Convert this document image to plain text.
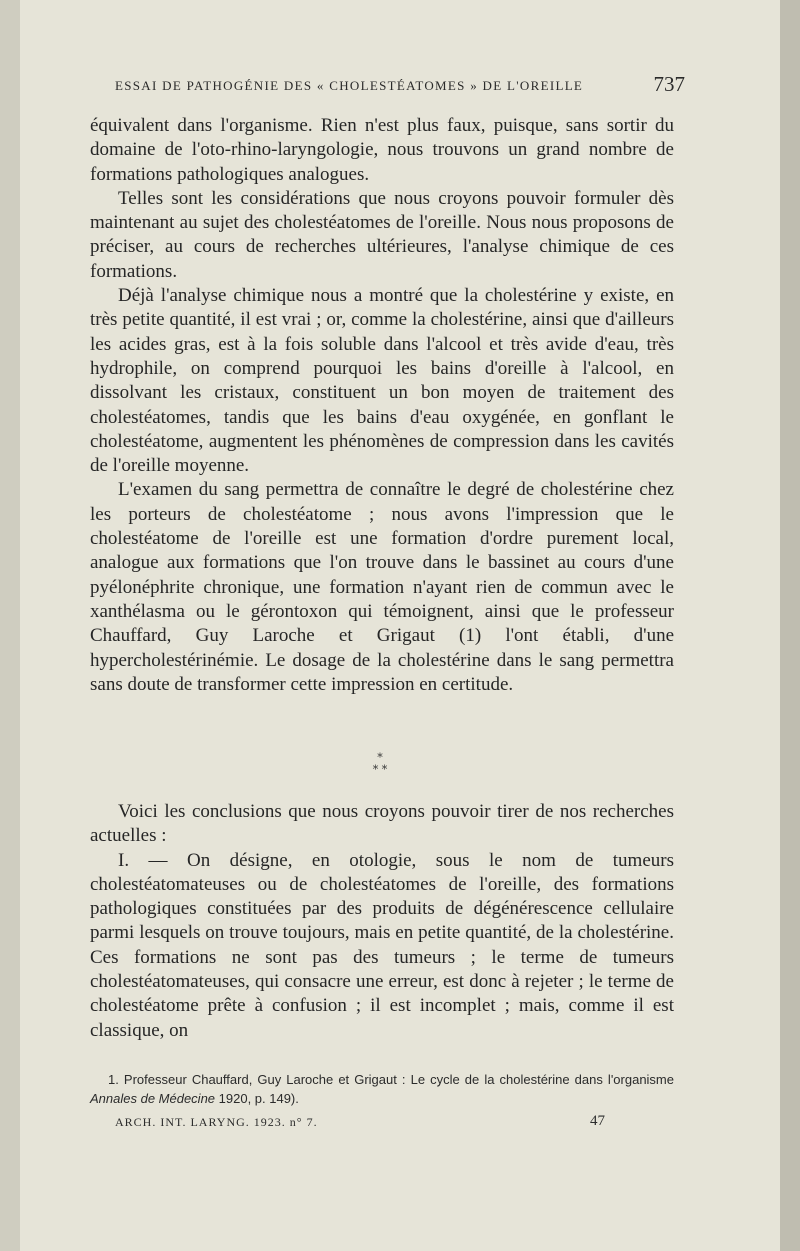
ESSAI DE PATHOGÉNIE DES « CHOLESTÉATOMES » DE L'OREILLE	737

équivalent dans l'organisme. Rien n'est plus faux, puisque, sans sortir du domaine de l'oto-rhino-laryngologie, nous trouvons un grand nombre de formations pathologiques analogues.

Telles sont les considérations que nous croyons pouvoir formuler dès maintenant au sujet des cholestéatomes de l'oreille. Nous nous proposons de préciser, au cours de recherches ultérieures, l'analyse chimique de ces formations.

Déjà l'analyse chimique nous a montré que la cholestérine y existe, en très petite quantité, il est vrai ; or, comme la cholestérine, ainsi que d'ailleurs les acides gras, est à la fois soluble dans l'alcool et très avide d'eau, très hydrophile, on comprend pourquoi les bains d'oreille à l'alcool, en dissolvant les cristaux, constituent un bon moyen de traitement des cholestéatomes, tandis que les bains d'eau oxygénée, en gonflant le cholestéatome, augmentent les phénomènes de compression dans les cavités de l'oreille moyenne.

L'examen du sang permettra de connaître le degré de cholestérine chez les porteurs de cholestéatome ; nous avons l'impression que le cholestéatome de l'oreille est une formation d'ordre purement local, analogue aux formations que l'on trouve dans le bassinet au cours d'une pyélonéphrite chronique, une formation n'ayant rien de commun avec le xanthélasma ou le gérontoxon qui témoignent, ainsi que le professeur Chauffard, Guy Laroche et Grigaut (1) l'ont établi, d'une hypercholestérinémie. Le dosage de la cholestérine dans le sang permettra sans doute de transformer cette impression en certitude.

*
* *

Voici les conclusions que nous croyons pouvoir tirer de nos recherches actuelles :

I. — On désigne, en otologie, sous le nom de tumeurs cholestéatomateuses ou de cholestéatomes de l'oreille, des formations pathologiques constituées par des produits de dégénérescence cellulaire parmi lesquels on trouve toujours, mais en petite quantité, de la cholestérine. Ces formations ne sont pas des tumeurs ; le terme de tumeurs cholestéatomateuses, qui consacre une erreur, est donc à rejeter ; le terme de cholestéatome prête à confusion ; il est incomplet ; mais, comme il est classique, on

1. Professeur Chauffard, Guy Laroche et Grigaut : Le cycle de la cholestérine dans l'organisme Annales de Médecine 1920, p. 149).
ARCH. INT. LARYNG. 1923. n° 7.	47
